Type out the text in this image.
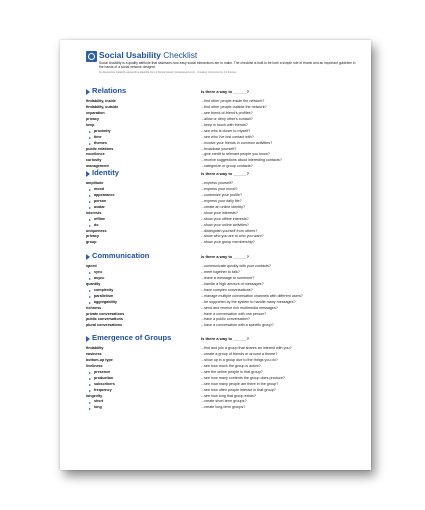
Social Usability Checklist
Social Usability is a quality attribute that assesses how easy social interactions are to make. The checklist is built to be both a simple rule of thumb and an important guideline in the hands of a social network designer.
by Alexandros Kalaitzis alexandros.kalaitzis.com & Nicola Cesari (nicolacesari.com) · Creative Commons by 3.0 license
Relations	Is there a way to ______?
findability, inside	...find other people inside the network?
findability, outside	...find other people outside the network?
separation	...see friend-of-friend's profiles?
privacy	...allow or deny other's contact?
keep	...keep in touch with friends?
proximity	...see who is closer to myself?
time	...see who I've lost contact with?
themes	...involve your friends in common activities?
public relations	...broadcast yourself?
excellence	...give credit to relevant people you know?
curiosity	...receive suggestions about interesting contacts?
management	...categorize or group contacts?
Identity	Is there a way to ______?
amplitude	...express yourself?
mood	...express your mood?
appearance	...customize your profile?
person	...express your daily life?
avatar	...create an online identity?
interests	...show your interests?
offline	...show your offline interests?
do	...show your online activities?
uniqueness	...distinguish yourself from others?
privacy	...show who you are to who you want?
group	...show your group membership?
Communication	Is there a way to ______?
speed	...communicate quickly with your contacts?
sync	...meet together to talk?
async	...leave a message to someone?
quantity	...handle a high amount of messages?
complexity	...have complex conversations?
parallelism	...manage multiple conversation channels with different users?
aggregability	...be supported by the system to handle many messages?
richness	...send and receive rich multimedia messages?
private conversations	...have a conversation with one person?
public conversations	...have a public conversation?
plural conversations	...have a conversation with a specific group?
Emergence of Groups	Is there a way to ______?
findability	...find and join a group that shares an interest with you?
easiness	...create a group of friends or around a theme?
bottom-up type	...show up in a group due to the things you do?
liveliness	...see how much the group is active?
presence	...see the online people in that group?
production	...see how many contents the group does produce?
subscribers	...see how many people are there in the group?
frequency	...see how often people interact in that group?
longevity	...see how long that group exists?
short	...create short-term groups?
long	...create long-term groups?
